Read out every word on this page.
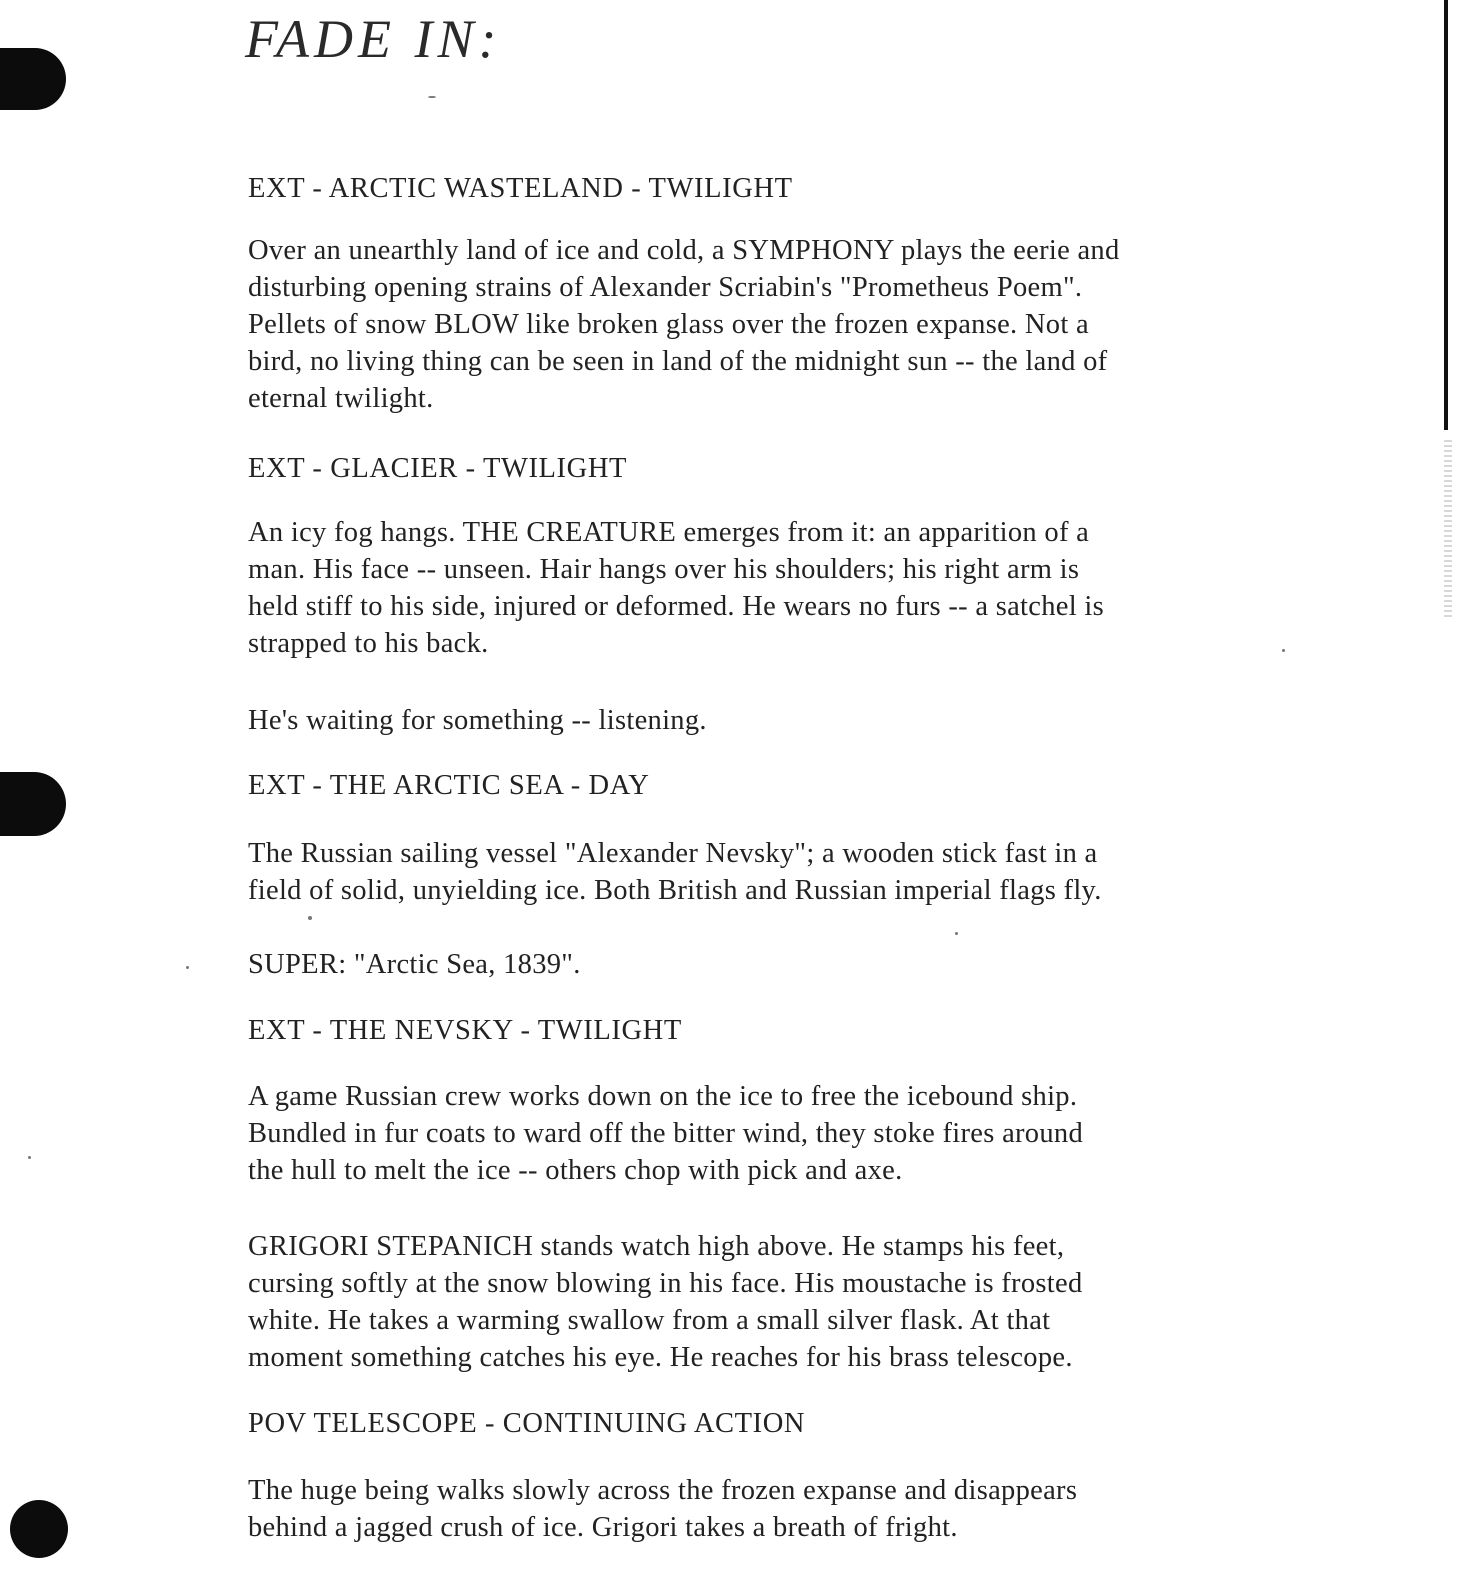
FADE IN:
EXT - ARCTIC WASTELAND - TWILIGHT
Over an unearthly land of ice and cold, a SYMPHONY plays the eerie and
disturbing opening strains of Alexander Scriabin's "Prometheus Poem".
Pellets of snow BLOW like broken glass over the frozen expanse. Not a
bird, no living thing can be seen in land of the midnight sun -- the land of
eternal twilight.
EXT - GLACIER - TWILIGHT
An icy fog hangs. THE CREATURE emerges from it: an apparition of a
man. His face -- unseen. Hair hangs over his shoulders; his right arm is
held stiff to his side, injured or deformed. He wears no furs -- a satchel is
strapped to his back.
He's waiting for something -- listening.
EXT - THE ARCTIC SEA - DAY
The Russian sailing vessel "Alexander Nevsky"; a wooden stick fast in a
field of solid, unyielding ice. Both British and Russian imperial flags fly.
SUPER: "Arctic Sea, 1839".
EXT - THE NEVSKY - TWILIGHT
A game Russian crew works down on the ice to free the icebound ship.
Bundled in fur coats to ward off the bitter wind, they stoke fires around
the hull to melt the ice -- others chop with pick and axe.
GRIGORI STEPANICH stands watch high above. He stamps his feet,
cursing softly at the snow blowing in his face. His moustache is frosted
white. He takes a warming swallow from a small silver flask. At that
moment something catches his eye. He reaches for his brass telescope.
POV TELESCOPE - CONTINUING ACTION
The huge being walks slowly across the frozen expanse and disappears
behind a jagged crush of ice. Grigori takes a breath of fright.
